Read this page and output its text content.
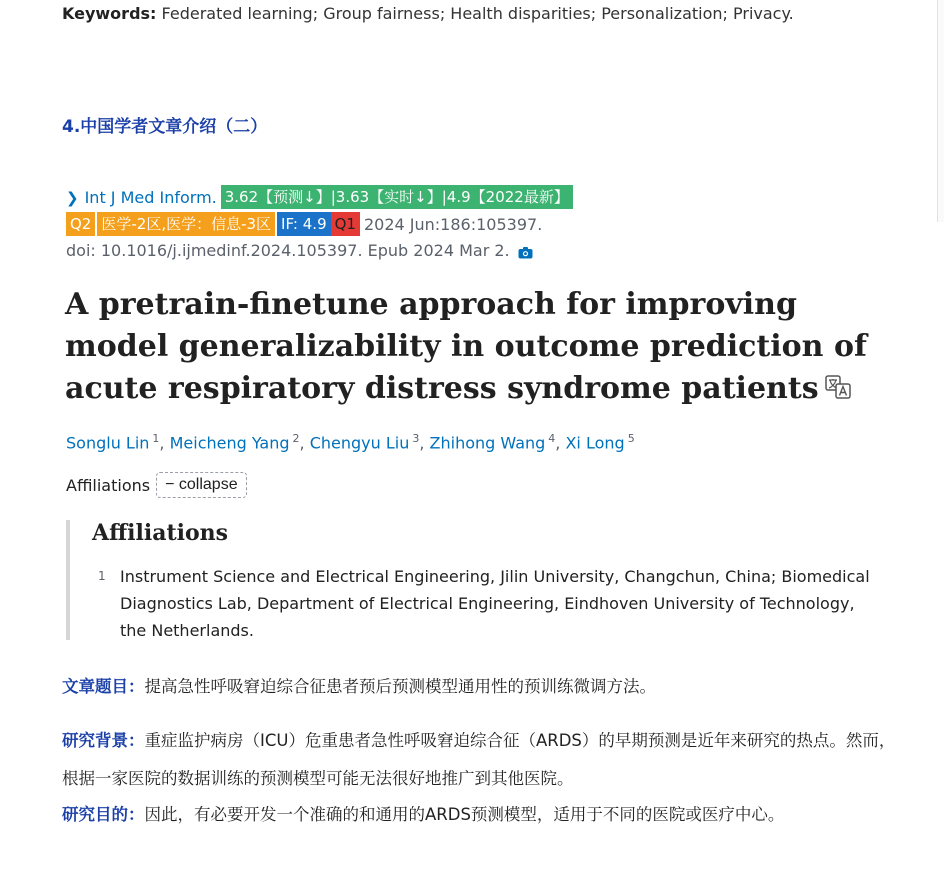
Keywords: Federated learning; Group fairness; Health disparities; Personalization; Privacy.
4.中国学者文章介绍（二）
❯ Int J Med Inform. 3.62【预测↓】|3.63【实时↓】|4.9【2022最新】
Q2 医学-2区,医学：信息-3区 IF: 4.9 Q1 2024 Jun:186:105397.
doi: 10.1016/j.ijmedinf.2024.105397. Epub 2024 Mar 2.
A pretrain-finetune approach for improving model generalizability in outcome prediction of acute respiratory distress syndrome patients
Songlu Lin $^1$, Meicheng Yang $^2$, Chengyu Liu $^3$, Zhihong Wang $^4$, Xi Long $^5$
Affiliations − collapse
Affiliations
1 Instrument Science and Electrical Engineering, Jilin University, Changchun, China; Biomedical Diagnostics Lab, Department of Electrical Engineering, Eindhoven University of Technology, the Netherlands.
文章题目：提高急性呼吸窘迫综合征患者预后预测模型通用性的预训练微调方法。
研究背景：重症监护病房（ICU）危重患者急性呼吸窘迫综合征（ARDS）的早期预测是近年来研究的热点。然而，根据一家医院的数据训练的预测模型可能无法很好地推广到其他医院。
研究目的：因此，有必要开发一个准确的和通用的ARDS预测模型，适用于不同的医院或医疗中心。
